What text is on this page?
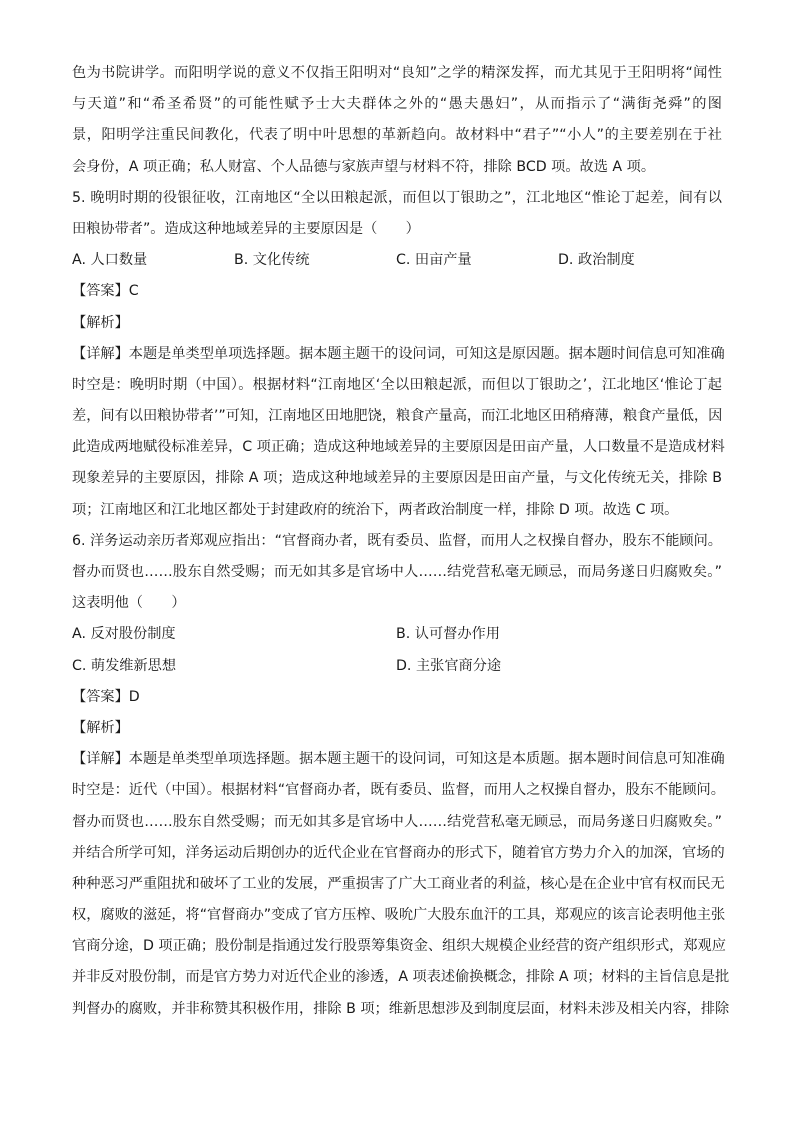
色为书院讲学。而阳明学说的意义不仅指王阳明对“良知”之学的精深发挥，而尤其见于王阳明将“闻性
与天道”和“希圣希贤”的可能性赋予士大夫群体之外的“愚夫愚妇”，从而指示了“满街尧舜”的图
景，阳明学注重民间教化，代表了明中叶思想的革新趋向。故材料中“君子”“小人”的主要差别在于社
会身份，A 项正确；私人财富、个人品德与家族声望与材料不符，排除 BCD 项。故选 A 项。
5. 晚明时期的役银征收，江南地区“全以田粮起派，而但以丁银助之”，江北地区“惟论丁起差，间有以
田粮协带者”。造成这种地域差异的主要原因是（　　）
A. 人口数量	B. 文化传统	C. 田亩产量	D. 政治制度
【答案】C
【解析】
【详解】本题是单类型单项选择题。据本题主题干的设问词，可知这是原因题。据本题时间信息可知准确
时空是：晚明时期（中国）。根据材料“江南地区‘全以田粮起派，而但以丁银助之’，江北地区‘惟论丁起
差，间有以田粮协带者’”可知，江南地区田地肥饶，粮食产量高，而江北地区田稍瘠薄，粮食产量低，因
此造成两地赋役标准差异，C 项正确；造成这种地域差异的主要原因是田亩产量，人口数量不是造成材料
现象差异的主要原因，排除 A 项；造成这种地域差异的主要原因是田亩产量，与文化传统无关，排除 B
项；江南地区和江北地区都处于封建政府的统治下，两者政治制度一样，排除 D 项。故选 C 项。
6. 洋务运动亲历者郑观应指出：“官督商办者，既有委员、监督，而用人之权操自督办，股东不能顾问。
督办而贤也……股东自然受赐；而无如其多是官场中人……结党营私毫无顾忌，而局务遂日归腐败矣。”
这表明他（　　）
A. 反对股份制度	B. 认可督办作用
C. 萌发维新思想	D. 主张官商分途
【答案】D
【解析】
【详解】本题是单类型单项选择题。据本题主题干的设问词，可知这是本质题。据本题时间信息可知准确
时空是：近代（中国）。根据材料“官督商办者，既有委员、监督，而用人之权操自督办，股东不能顾问。
督办而贤也……股东自然受赐；而无如其多是官场中人……结党营私毫无顾忌，而局务遂日归腐败矣。”
并结合所学可知，洋务运动后期创办的近代企业在官督商办的形式下，随着官方势力介入的加深，官场的
种种恶习严重阻扰和破坏了工业的发展，严重损害了广大工商业者的利益，核心是在企业中官有权而民无
权，腐败的滋延，将“官督商办”变成了官方压榨、吸吮广大股东血汗的工具，郑观应的该言论表明他主张
官商分途，D 项正确；股份制是指通过发行股票筹集资金、组织大规模企业经营的资产组织形式，郑观应
并非反对股份制，而是官方势力对近代企业的渗透，A 项表述偷换概念，排除 A 项；材料的主旨信息是批
判督办的腐败，并非称赞其积极作用，排除 B 项；维新思想涉及到制度层面，材料未涉及相关内容，排除
